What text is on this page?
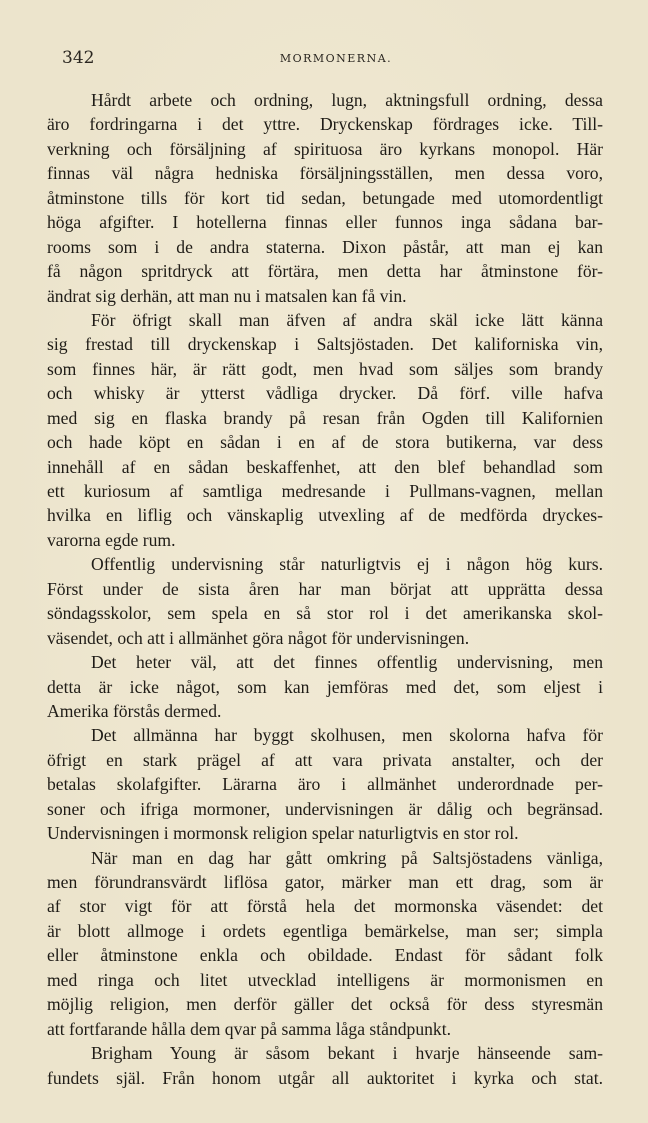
342	MORMONERNA.
Hårdt arbete och ordning, lugn, aktningsfull ordning, dessa
äro fordringarna i det yttre. Dryckenskap fördrages icke. Till-
verkning och försäljning af spirituosa äro kyrkans monopol. Här
finnas väl några hedniska försäljningsställen, men dessa voro,
åtminstone tills för kort tid sedan, betungade med utomordentligt
höga afgifter. I hotellerna finnas eller funnos inga sådana bar-
rooms som i de andra staterna. Dixon påstår, att man ej kan
få någon spritdryck att förtära, men detta har åtminstone för-
ändrat sig derhän, att man nu i matsalen kan få vin.
För öfrigt skall man äfven af andra skäl icke lätt känna
sig frestad till dryckenskap i Saltsjöstaden. Det kaliforniska vin,
som finnes här, är rätt godt, men hvad som säljes som brandy
och whisky är ytterst vådliga drycker. Då förf. ville hafva
med sig en flaska brandy på resan från Ogden till Kalifornien
och hade köpt en sådan i en af de stora butikerna, var dess
innehåll af en sådan beskaffenhet, att den blef behandlad som
ett kuriosum af samtliga medresande i Pullmans-vagnen, mellan
hvilka en liflig och vänskaplig utvexling af de medförda dryckes-
varorna egde rum.
Offentlig undervisning står naturligtvis ej i någon hög kurs.
Först under de sista åren har man börjat att upprätta dessa
söndagsskolor, sem spela en så stor rol i det amerikanska skol-
väsendet, och att i allmänhet göra något för undervisningen.
Det heter väl, att det finnes offentlig undervisning, men
detta är icke något, som kan jemföras med det, som eljest i
Amerika förstås dermed.
Det allmänna har byggt skolhusen, men skolorna hafva för
öfrigt en stark prägel af att vara privata anstalter, och der
betalas skolafgifter. Lärarna äro i allmänhet underordnade per-
soner och ifriga mormoner, undervisningen är dålig och begränsad.
Undervisningen i mormonsk religion spelar naturligtvis en stor rol.
När man en dag har gått omkring på Saltsjöstadens vänliga,
men förundransvärdt liflösa gator, märker man ett drag, som är
af stor vigt för att förstå hela det mormonska väsendet: det
är blott allmoge i ordets egentliga bemärkelse, man ser; simpla
eller åtminstone enkla och obildade. Endast för sådant folk
med ringa och litet utvecklad intelligens är mormonismen en
möjlig religion, men derför gäller det också för dess styresmän
att fortfarande hålla dem qvar på samma låga ståndpunkt.
Brigham Young är såsom bekant i hvarje hänseende sam-
fundets själ. Från honom utgår all auktoritet i kyrka och stat.
